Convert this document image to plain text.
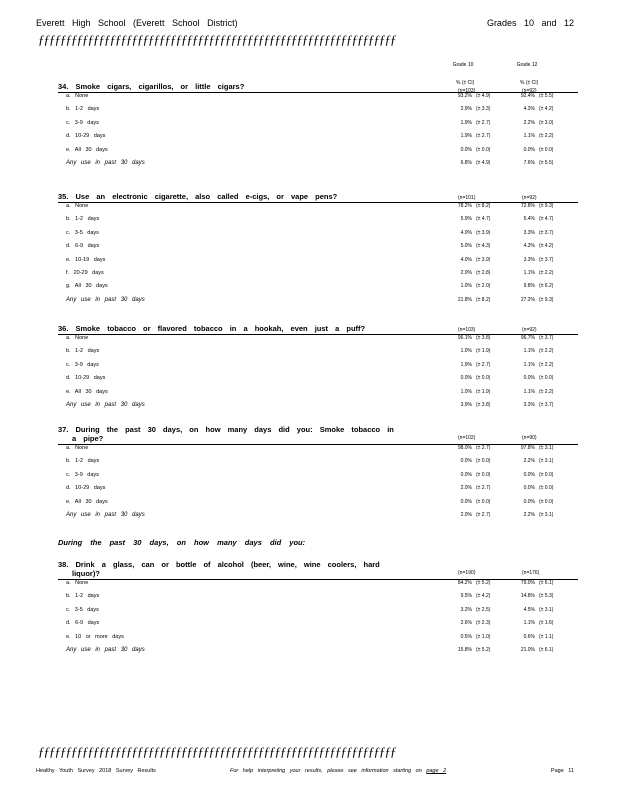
Everett High School (Everett School District)	Grades 10 and 12
ƒƒƒƒƒƒƒƒƒƒƒƒƒƒƒƒƒƒƒƒƒƒƒƒƒƒƒƒƒƒƒƒƒƒƒƒƒƒƒƒƒƒƒƒƒƒƒƒƒƒƒƒƒƒƒƒƒƒƒƒƒƒƒƒƒ
Grade 10	Grade 12
% (± CI)	% (± CI)
34. Smoke cigars, cigarillos, or little cigars?	(n=103)	(n=92)
a. None	93.2% (± 4.9)	92.4% (± 5.5)
b. 1-2 days	2.9% (± 3.3)	4.3% (± 4.2)
c. 3-9 days	1.9% (± 2.7)	2.2% (± 3.0)
d. 10-29 days	1.9% (± 2.7)	1.1% (± 2.2)
e. All 30 days	0.0% (± 0.0)	0.0% (± 0.0)
Any use in past 30 days	6.8% (± 4.9)	7.6% (± 5.5)
35. Use an electronic cigarette, also called e-cigs, or vape pens?	(n=101)	(n=92)
a. None	78.2% (± 8.2)	72.8% (± 9.3)
b. 1-2 days	5.9% (± 4.7)	5.4% (± 4.7)
c. 3-5 days	4.0% (± 3.9)	3.3% (± 3.7)
d. 6-9 days	5.0% (± 4.3)	4.3% (± 4.2)
e. 10-19 days	4.0% (± 3.9)	3.3% (± 3.7)
f. 20-29 days	2.0% (± 2.8)	1.1% (± 2.2)
g. All 30 days	1.0% (± 2.0)	9.8% (± 6.2)
Any use in past 30 days	21.8% (± 8.2)	27.2% (± 9.3)
36. Smoke tobacco or flavored tobacco in a hookah, even just a puff?	(n=103)	(n=92)
a. None	96.1% (± 3.8)	96.7% (± 3.7)
b. 1-2 days	1.0% (± 1.9)	1.1% (± 2.2)
c. 3-9 days	1.9% (± 2.7)	1.1% (± 2.2)
d. 10-29 days	0.0% (± 0.0)	0.0% (± 0.0)
e. All 30 days	1.0% (± 1.9)	1.1% (± 2.2)
Any use in past 30 days	3.9% (± 3.8)	3.3% (± 3.7)
37. During the past 30 days, on how many days did you: Smoke tobacco in
a pipe?	(n=102)	(n=90)
a. None	98.0% (± 2.7)	97.8% (± 3.1)
b. 1-2 days	0.0% (± 0.0)	2.2% (± 3.1)
c. 3-9 days	0.0% (± 0.0)	0.0% (± 0.0)
d. 10-29 days	2.0% (± 2.7)	0.0% (± 0.0)
e. All 30 days	0.0% (± 0.0)	0.0% (± 0.0)
Any use in past 30 days	2.0% (± 2.7)	2.2% (± 3.1)
During the past 30 days, on how many days did you:
38. Drink a glass, can or bottle of alcohol (beer, wine, wine coolers, hard
liquor)?	(n=190)	(n=176)
a. None	84.2% (± 5.2)	79.0% (± 6.1)
b. 1-2 days	9.5% (± 4.2)	14.8% (± 5.3)
c. 3-5 days	3.2% (± 2.5)	4.5% (± 3.1)
d. 6-9 days	2.6% (± 2.3)	1.1% (± 1.6)
e. 10 or more days	0.5% (± 1.0)	0.6% (± 1.1)
Any use in past 30 days	15.8% (± 5.2)	21.0% (± 6.1)
ƒƒƒƒƒƒƒƒƒƒƒƒƒƒƒƒƒƒƒƒƒƒƒƒƒƒƒƒƒƒƒƒƒƒƒƒƒƒƒƒƒƒƒƒƒƒƒƒƒƒƒƒƒƒƒƒƒƒƒƒƒƒƒƒƒ
Healthy Youth Survey 2018 Survey Results	For help interpreting your results, please see information starting on page 2	Page 11
